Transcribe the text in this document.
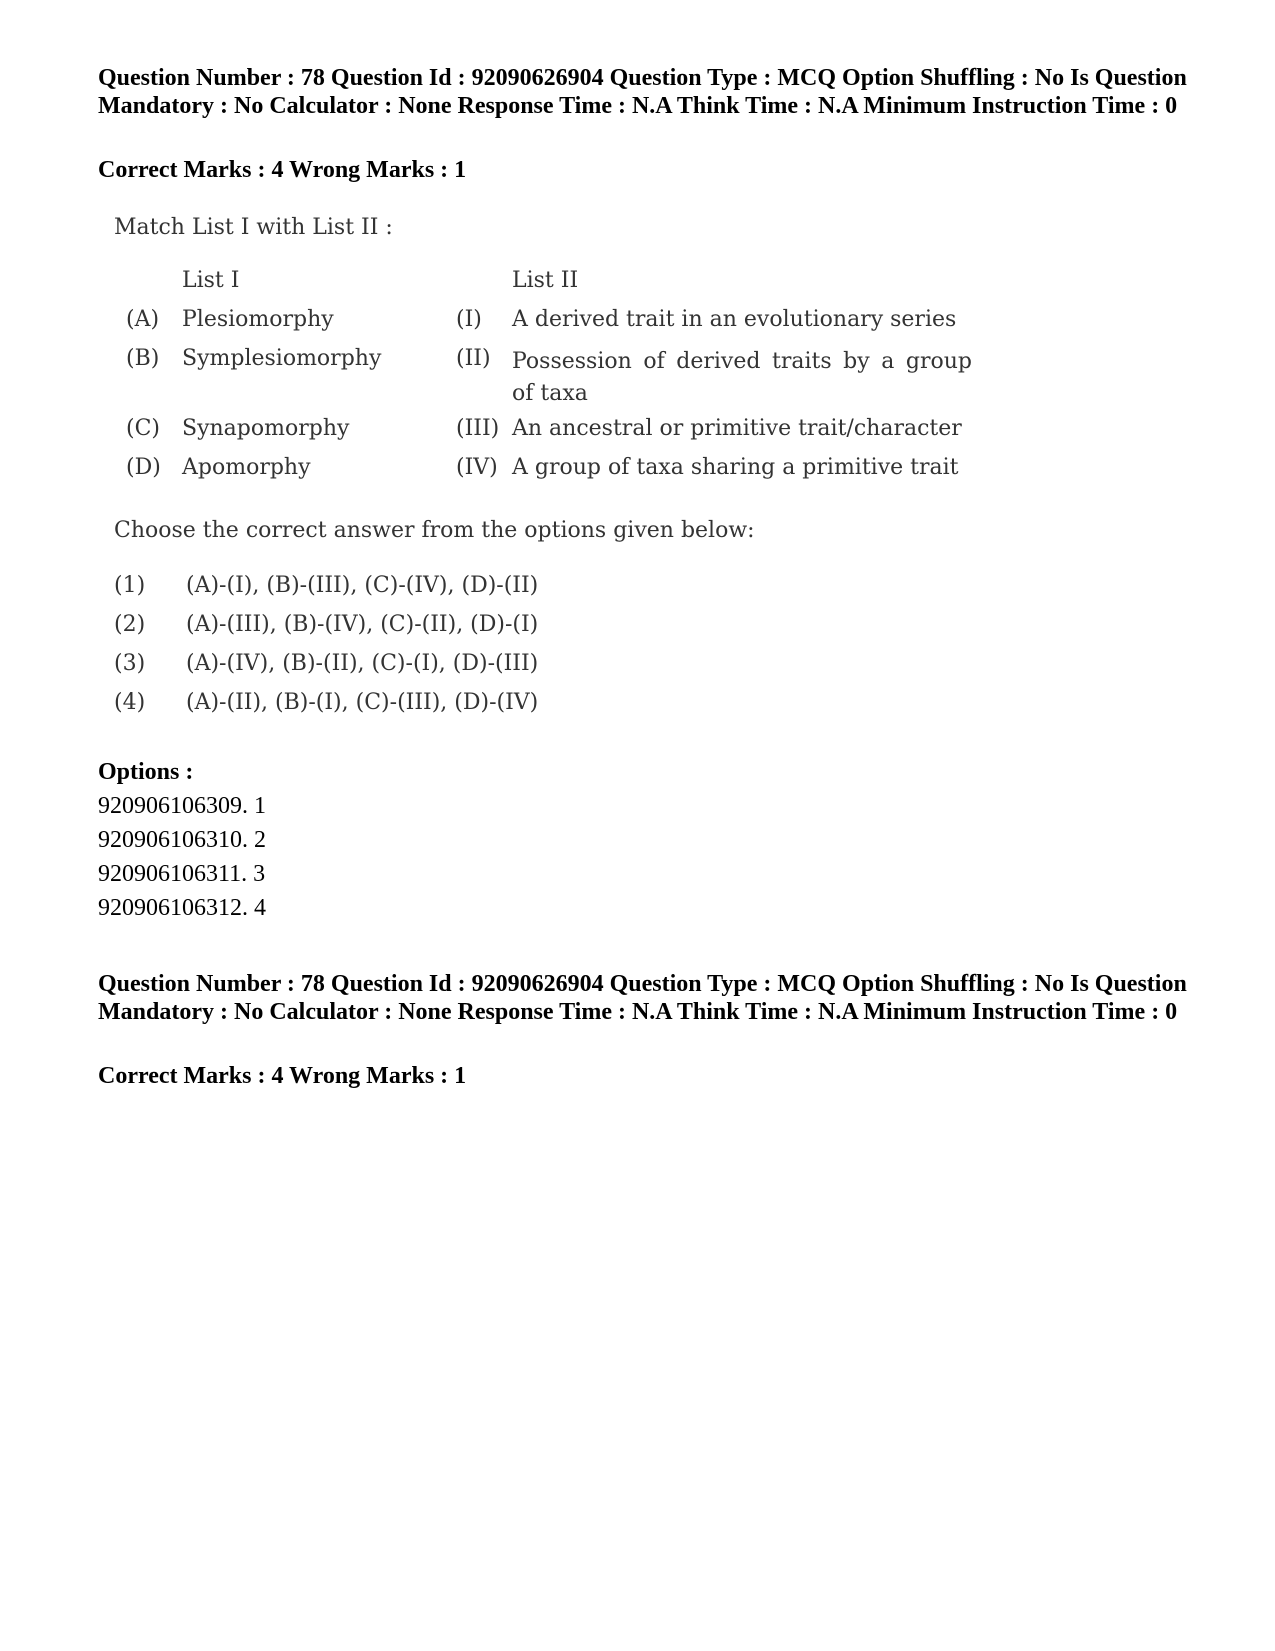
Question Number : 78 Question Id : 92090626904 Question Type : MCQ Option Shuffling : No Is Question Mandatory : No Calculator : None Response Time : N.A Think Time : N.A Minimum Instruction Time : 0

Correct Marks : 4 Wrong Marks : 1

Match List I with List II :
List I	List II
(A) Plesiomorphy	(I) A derived trait in an evolutionary series
(B) Symplesiomorphy	(II) Possession of derived traits by a group of taxa
(C) Synapomorphy	(III) An ancestral or primitive trait/character
(D) Apomorphy	(IV) A group of taxa sharing a primitive trait
Choose the correct answer from the options given below:
(1) (A)-(I), (B)-(III), (C)-(IV), (D)-(II)
(2) (A)-(III), (B)-(IV), (C)-(II), (D)-(I)
(3) (A)-(IV), (B)-(II), (C)-(I), (D)-(III)
(4) (A)-(II), (B)-(I), (C)-(III), (D)-(IV)
Options :
920906106309. 1
920906106310. 2
920906106311. 3
920906106312. 4

Question Number : 78 Question Id : 92090626904 Question Type : MCQ Option Shuffling : No Is Question Mandatory : No Calculator : None Response Time : N.A Think Time : N.A Minimum Instruction Time : 0

Correct Marks : 4 Wrong Marks : 1
